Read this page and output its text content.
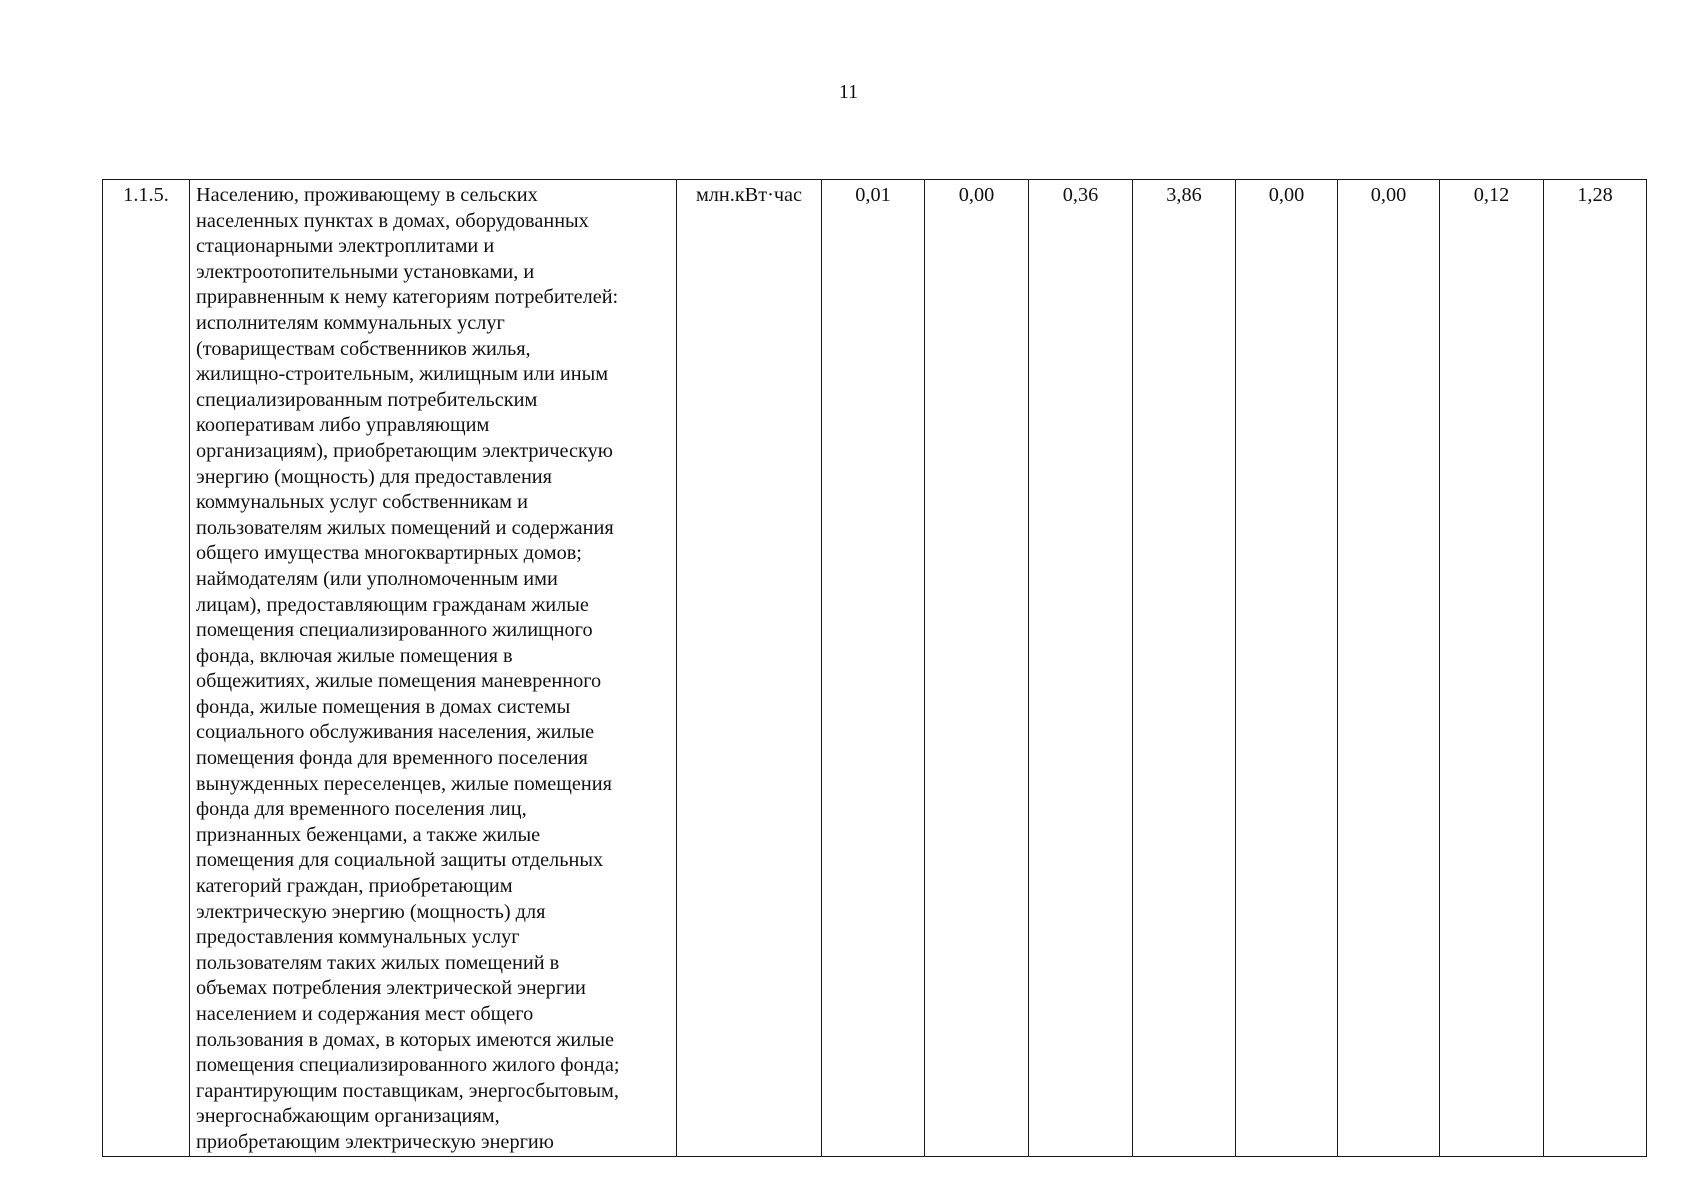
11
1.1.5.	Населению, проживающему в сельских
населенных пунктах в домах, оборудованных
стационарными электроплитами и
электроотопительными установками, и
приравненным к нему категориям потребителей:
исполнителям коммунальных услуг
(товариществам собственников жилья,
жилищно-строительным, жилищным или иным
специализированным потребительским
кооперативам либо управляющим
организациям), приобретающим электрическую
энергию (мощность) для предоставления
коммунальных услуг собственникам и
пользователям жилых помещений и содержания
общего имущества многоквартирных домов;
наймодателям (или уполномоченным ими
лицам), предоставляющим гражданам жилые
помещения специализированного жилищного
фонда, включая жилые помещения в
общежитиях, жилые помещения маневренного
фонда, жилые помещения в домах системы
социального обслуживания населения, жилые
помещения фонда для временного поселения
вынужденных переселенцев, жилые помещения
фонда для временного поселения лиц,
признанных беженцами, а также жилые
помещения для социальной защиты отдельных
категорий граждан, приобретающим
электрическую энергию (мощность) для
предоставления коммунальных услуг
пользователям таких жилых помещений в
объемах потребления электрической энергии
населением и содержания мест общего
пользования в домах, в которых имеются жилые
помещения специализированного жилого фонда;
гарантирующим поставщикам, энергосбытовым,
энергоснабжающим организациям,
приобретающим электрическую энергию
	млн.кВт·час	0,01	0,00	0,36	3,86	0,00	0,00	0,12	1,28
